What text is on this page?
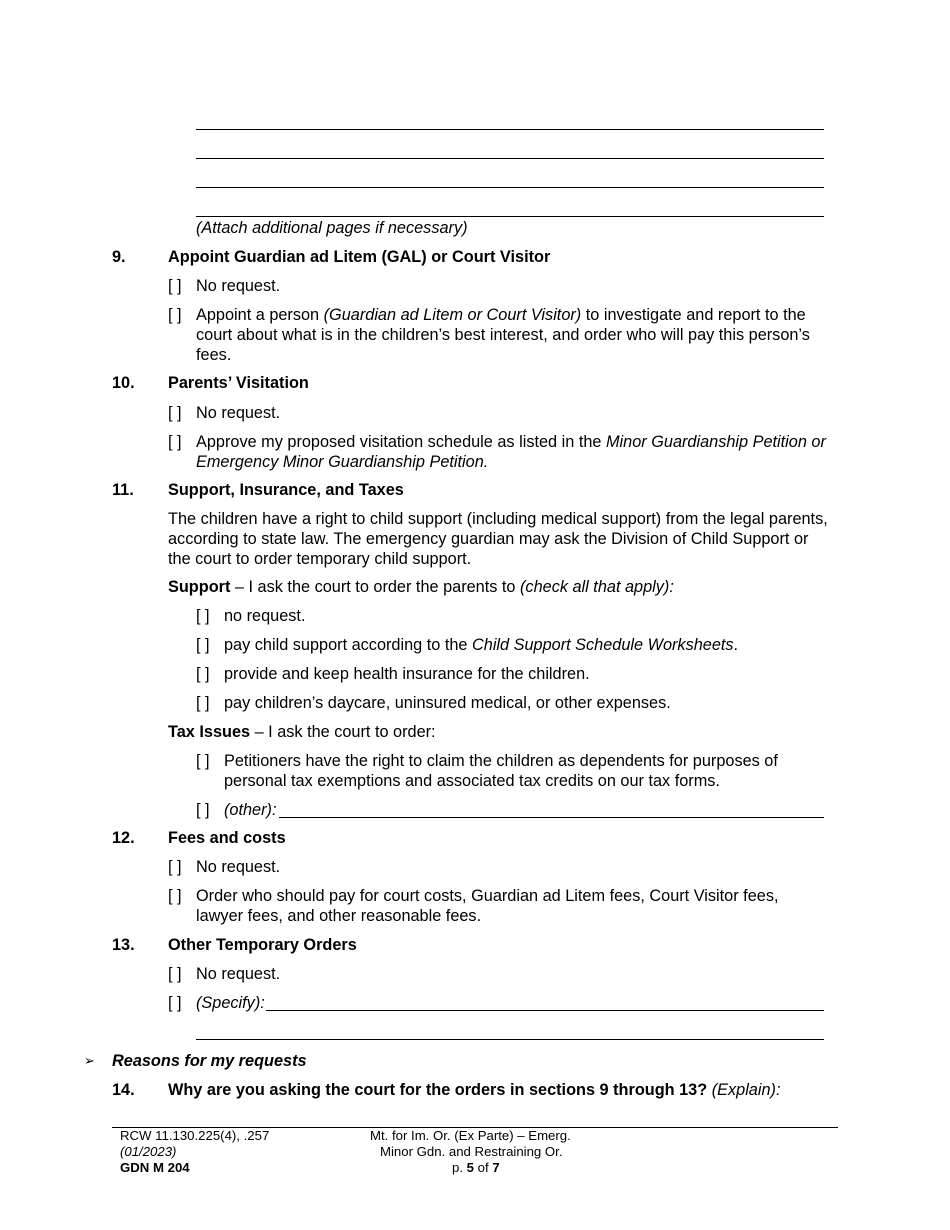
(Attach additional pages if necessary)
9.	Appoint Guardian ad Litem (GAL) or Court Visitor
[ ] No request.
[ ] Appoint a person (Guardian ad Litem or Court Visitor) to investigate and report to the court about what is in the children’s best interest, and order who will pay this person’s fees.
10. Parents’ Visitation
[ ] No request.
[ ] Approve my proposed visitation schedule as listed in the Minor Guardianship Petition or Emergency Minor Guardianship Petition.
11. Support, Insurance, and Taxes
The children have a right to child support (including medical support) from the legal parents, according to state law. The emergency guardian may ask the Division of Child Support or the court to order temporary child support.
Support – I ask the court to order the parents to (check all that apply):
[ ] no request.
[ ] pay child support according to the Child Support Schedule Worksheets.
[ ] provide and keep health insurance for the children.
[ ] pay children’s daycare, uninsured medical, or other expenses.
Tax Issues – I ask the court to order:
[ ] Petitioners have the right to claim the children as dependents for purposes of personal tax exemptions and associated tax credits on our tax forms.
[ ] (other):
12. Fees and costs
[ ] No request.
[ ] Order who should pay for court costs, Guardian ad Litem fees, Court Visitor fees, lawyer fees, and other reasonable fees.
13. Other Temporary Orders
[ ] No request.
[ ] (Specify):
➢ Reasons for my requests
14. Why are you asking the court for the orders in sections 9 through 13? (Explain):
RCW 11.130.225(4), .257
(01/2023)
GDN M 204
Mt. for Im. Or. (Ex Parte) – Emerg.
Minor Gdn. and Restraining Or.
p. 5 of 7
